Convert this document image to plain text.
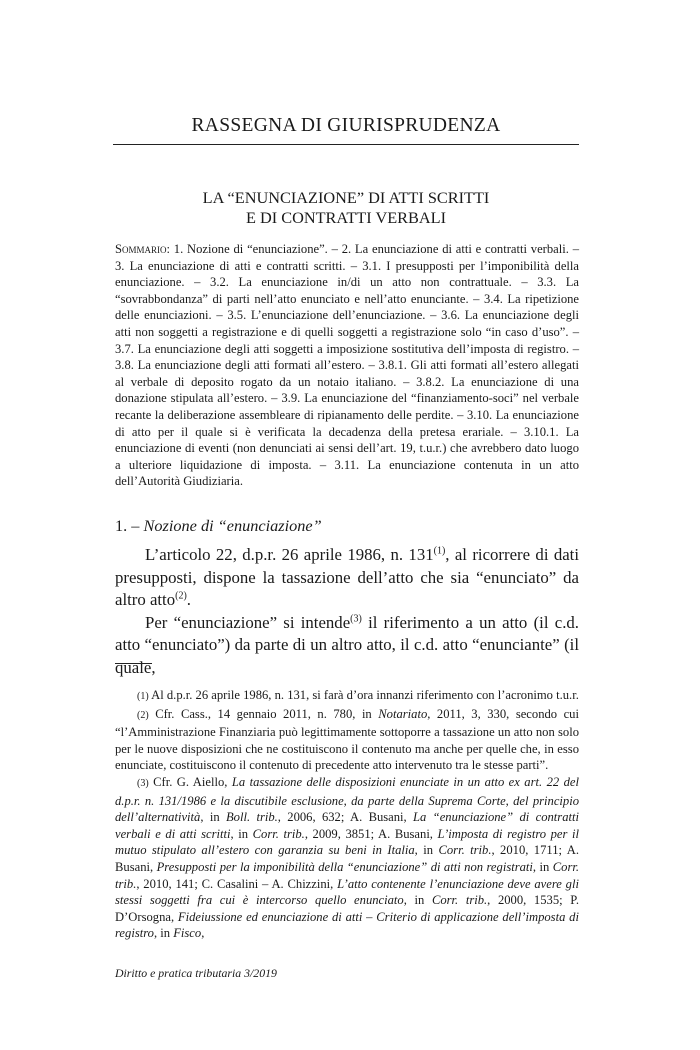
RASSEGNA DI GIURISPRUDENZA
LA “ENUNCIAZIONE” DI ATTI SCRITTI
E DI CONTRATTI VERBALI
Sommario: 1. Nozione di “enunciazione”. – 2. La enunciazione di atti e contratti verbali. – 3. La enunciazione di atti e contratti scritti. – 3.1. I presupposti per l’imponibilità della enunciazione. – 3.2. La enunciazione in/di un atto non contrattuale. – 3.3. La “sovrabbondanza” di parti nell’atto enunciato e nell’atto enunciante. – 3.4. La ripetizione delle enunciazioni. – 3.5. L’enunciazione dell’enunciazione. – 3.6. La enunciazione degli atti non soggetti a registrazione e di quelli soggetti a registrazione solo “in caso d’uso”. – 3.7. La enunciazione degli atti soggetti a imposizione sostitutiva dell’imposta di registro. – 3.8. La enunciazione degli atti formati all’estero. – 3.8.1. Gli atti formati all’estero allegati al verbale di deposito rogato da un notaio italiano. – 3.8.2. La enunciazione di una donazione stipulata all’estero. – 3.9. La enunciazione del “finanziamento-soci” nel verbale recante la deliberazione assembleare di ripianamento delle perdite. – 3.10. La enunciazione di atto per il quale si è verificata la decadenza della pretesa erariale. – 3.10.1. La enunciazione di eventi (non denunciati ai sensi dell’art. 19, t.u.r.) che avrebbero dato luogo a ulteriore liquidazione di imposta. – 3.11. La enunciazione contenuta in un atto dell’Autorità Giudiziaria.
1. – Nozione di “enunciazione”

L’articolo 22, d.p.r. 26 aprile 1986, n. 131$^{(1)}$, al ricorrere di dati presupposti, dispone la tassazione dell’atto che sia “enunciato” da altro atto$^{(2)}$.

Per “enunciazione” si intende$^{(3)}$ il riferimento a un atto (il c.d. atto “enunciato”) da parte di un altro atto, il c.d. atto “enunciante” (il quale,

(1) Al d.p.r. 26 aprile 1986, n. 131, si farà d’ora innanzi riferimento con l’acronimo t.u.r.

(2) Cfr. Cass., 14 gennaio 2011, n. 780, in Notariato, 2011, 3, 330, secondo cui “l’Amministrazione Finanziaria può legittimamente sottoporre a tassazione un atto non solo per le nuove disposizioni che ne costituiscono il contenuto ma anche per quelle che, in esso enunciate, costituiscono il contenuto di precedente atto intervenuto tra le stesse parti”.

(3) Cfr. G. Aiello, La tassazione delle disposizioni enunciate in un atto ex art. 22 del d.p.r. n. 131/1986 e la discutibile esclusione, da parte della Suprema Corte, del principio dell’alternatività, in Boll. trib., 2006, 632; A. Busani, La “enunciazione” di contratti verbali e di atti scritti, in Corr. trib., 2009, 3851; A. Busani, L’imposta di registro per il mutuo stipulato all’estero con garanzia su beni in Italia, in Corr. trib., 2010, 1711; A. Busani, Presupposti per la imponibilità della “enunciazione” di atti non registrati, in Corr. trib., 2010, 141; C. Casalini – A. Chizzini, L’atto contenente l’enunciazione deve avere gli stessi soggetti fra cui è intercorso quello enunciato, in Corr. trib., 2000, 1535; P. D’Orsogna, Fideiussione ed enunciazione di atti – Criterio di applicazione dell’imposta di registro, in Fisco,

Diritto e pratica tributaria 3/2019
